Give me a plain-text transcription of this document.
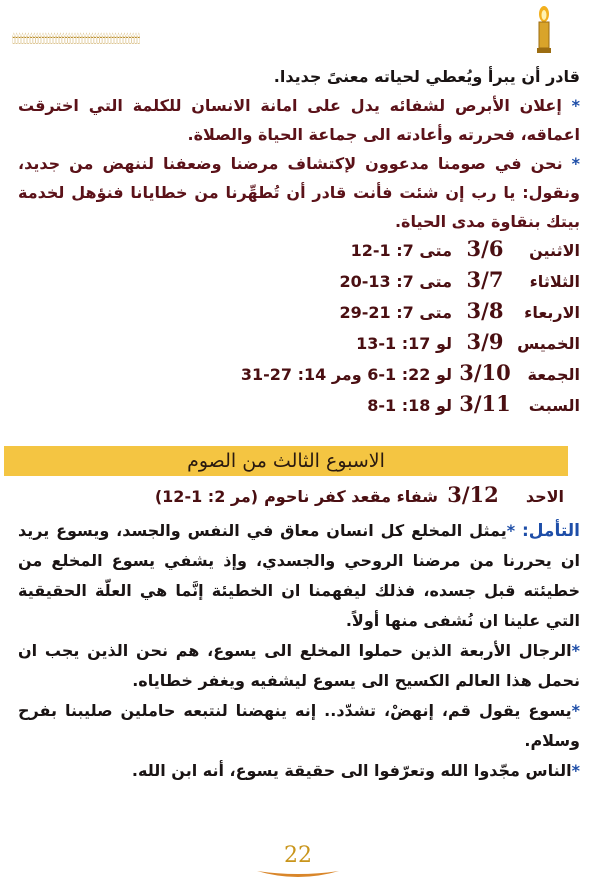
🕯🕯🕯🕯🕯🕯🕯🕯🕯🕯🕯🕯🕯🕯🕯🕯🕯🕯🕯🕯🕯🕯🕯🕯🕯🕯🕯🕯🕯🕯🕯🕯🕯🕯🕯🕯🕯🕯🕯🕯🕯🕯🕯🕯

قادر أن يبرأ ويُعطي لحياته معنىً جديدا.

* إعلان الأبرص لشفائه يدل على امانة الانسان للكلمة التي اخترقت اعماقه، فحررته وأعادته الى جماعة الحياة والصلاة.

* نحن في صومنا مدعوون لإكتشاف مرضنا وضعفنا لننهض من جديد، ونقول: يا رب إن شئت فأنت قادر أن تُطهِّرنا من خطايانا فنؤهل لخدمة بيتك بنقاوة مدى الحياة.

الاثنين
3/6
متى 7: 1-12
الثلاثاء
3/7
متى 7: 13-20
الاربعاء
3/8
متى 7: 21-29
الخميس
3/9
لو 17: 1-13
الجمعة
3/10
لو 22: 1-6 ومر 14: 27-31
السبت
3/11
لو 18: 1-8
الاسبوع الثالث من الصوم
الاحد
3/12
شفاء مقعد كفر ناحوم
(مر 2: 1-12)

التأمل: *يمثل المخلع كل انسان معاق في النفس والجسد، ويسوع يريد ان يحررنا من مرضنا الروحي والجسدي، وإذ يشفي يسوع المخلع من خطيئته قبل جسده، فذلك ليفهمنا ان الخطيئة إنَّما هي العلّة الحقيقية التي علينا ان نُشفى منها أولاً.

*الرجال الأربعة الذين حملوا المخلع الى يسوع، هم نحن الذين يجب ان نحمل هذا العالم الكسيح الى يسوع ليشفيه ويغفر خطاياه.

*يسوع يقول قم، إنهضْ، تشدّد.. إنه ينهضنا لنتبعه حاملين صليبنا بفرح وسلام.

*الناس مجّدوا الله وتعرّفوا الى حقيقة يسوع، أنه ابن الله.

22
